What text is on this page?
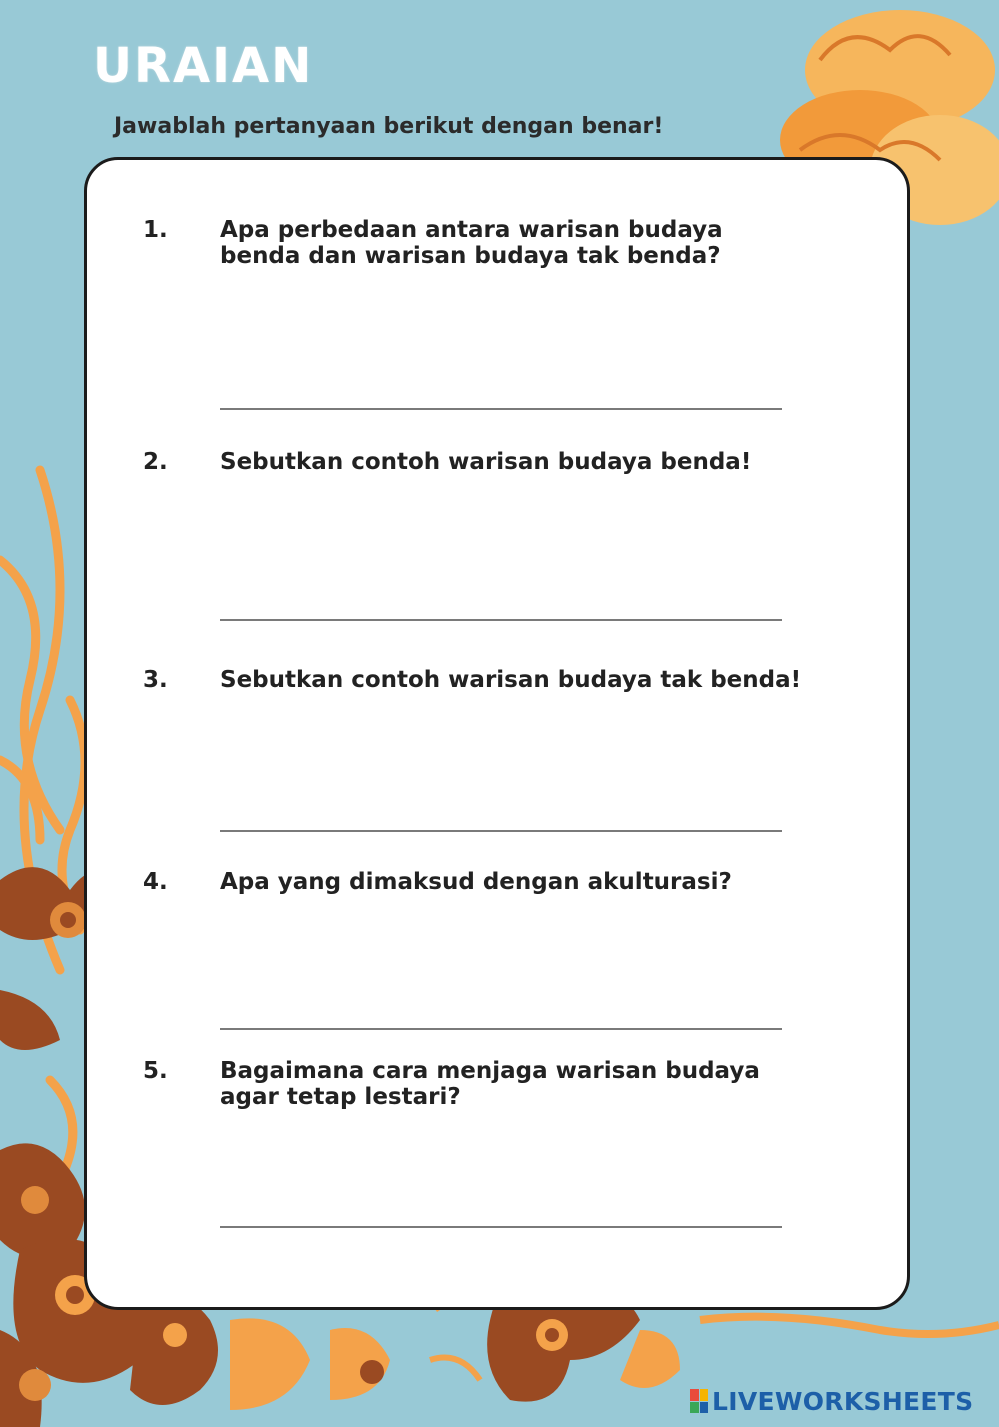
URAIAN
Jawablah pertanyaan berikut dengan benar!
1. Apa perbedaan antara warisan budaya benda dan warisan budaya tak benda?
2. Sebutkan contoh warisan budaya benda!
3. Sebutkan contoh warisan budaya tak benda!
4. Apa yang dimaksud dengan akulturasi?
5. Bagaimana cara menjaga warisan budaya agar tetap lestari?
LIVEWORKSHEETS
